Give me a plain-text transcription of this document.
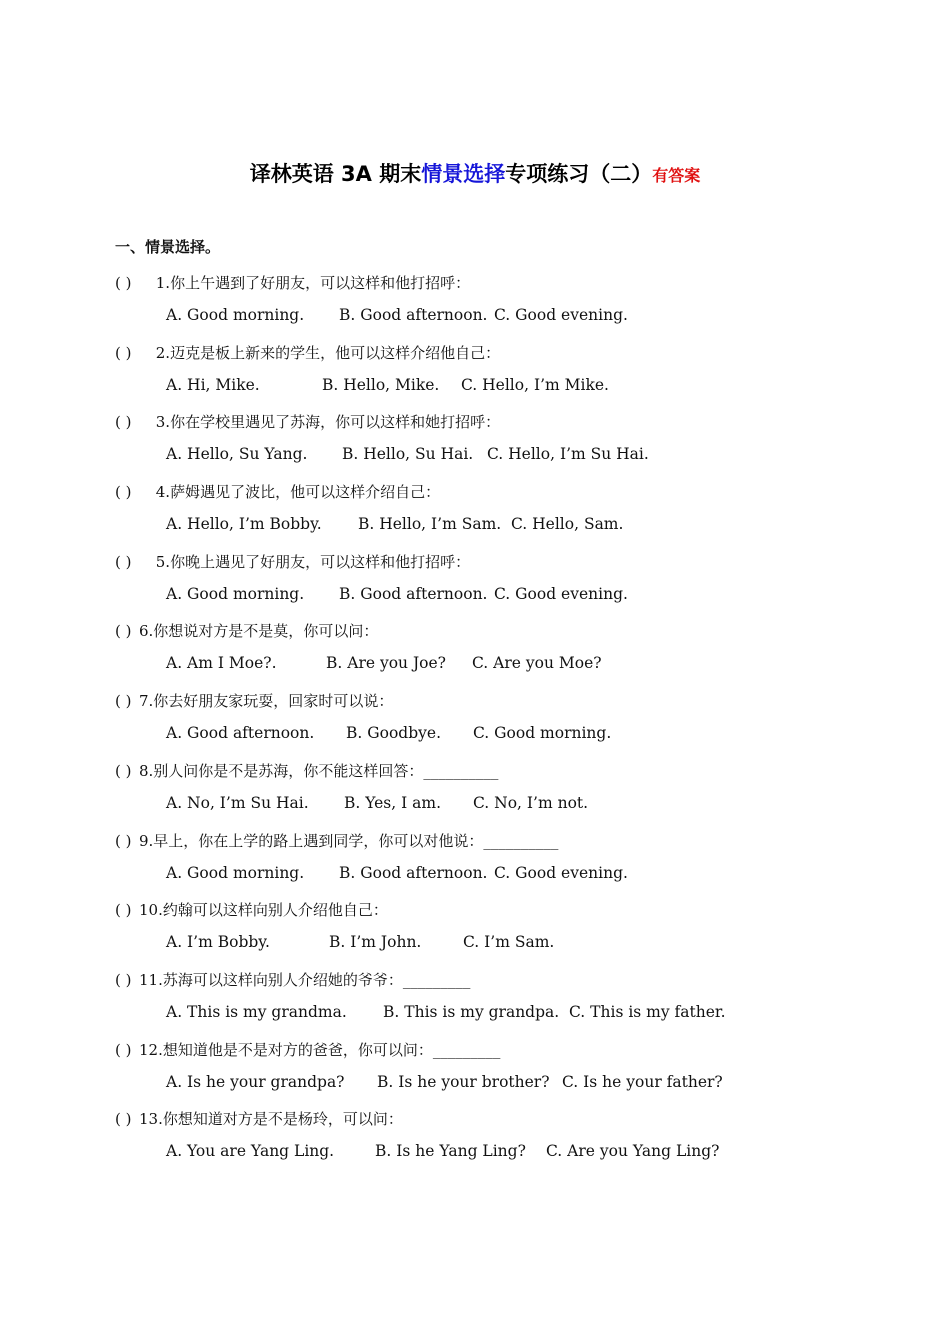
译林英语 3A 期末情景选择专项练习（二）有答案
一、情景选择。
( ) 1.你上午遇到了好朋友，可以这样和他打招呼：
A. Good morning. B. Good afternoon. C. Good evening.
( ) 2.迈克是板上新来的学生，他可以这样介绍他自己：
A. Hi, Mike.	B. Hello, Mike. C. Hello, I’m Mike.
( ) 3.你在学校里遇见了苏海，你可以这样和她打招呼：
A. Hello, Su Yang. B. Hello, Su Hai. C. Hello, I’m Su Hai.
( ) 4.萨姆遇见了波比，他可以这样介绍自己：
A. Hello, I’m Bobby. B. Hello, I’m Sam. C. Hello, Sam.
( ) 5.你晚上遇见了好朋友，可以这样和他打招呼：
A. Good morning. B. Good afternoon. C. Good evening.
( ) 6.你想说对方是不是莫，你可以问：
A. Am I Moe?.	B. Are you Joe? C. Are you Moe?
( ) 7.你去好朋友家玩耍，回家时可以说：
A. Good afternoon. B. Goodbye. C. Good morning.
( ) 8.别人问你是不是苏海，你不能这样回答：__________
A. No, I’m Su Hai. B. Yes, I am. C. No, I’m not.
( ) 9.早上，你在上学的路上遇到同学，你可以对他说：__________
A. Good morning. B. Good afternoon. C. Good evening.
( ) 10.约翰可以这样向别人介绍他自己：
A. I’m Bobby.	B. I’m John.	C. I’m Sam.
( ) 11.苏海可以这样向别人介绍她的爷爷：_________
A. This is my grandma. B. This is my grandpa. C. This is my father.
( ) 12.想知道他是不是对方的爸爸，你可以问：_________
A. Is he your grandpa? B. Is he your brother? C. Is he your father?
( ) 13.你想知道对方是不是杨玲，可以问：
A. You are Yang Ling.	B. Is he Yang Ling? C. Are you Yang Ling?
